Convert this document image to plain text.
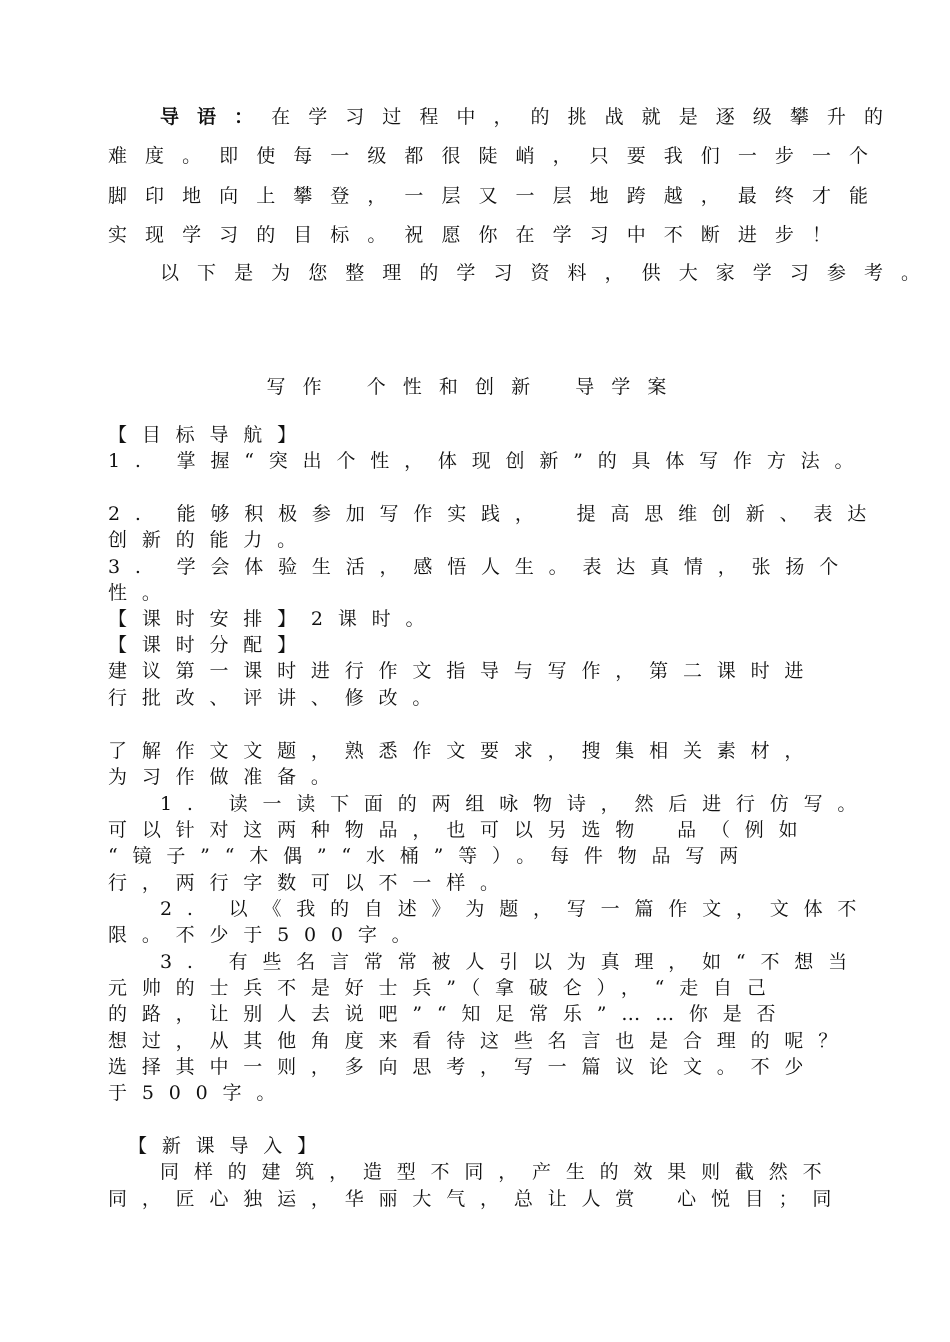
导语：在学习过程中，的挑战就是逐级攀升的
难度。即使每一级都很陡峭，只要我们一步一个
脚印地向上攀登，一层又一层地跨越，最终才能
实现学习的目标。祝愿你在学习中不断进步！
以下是为您整理的学习资料，供大家学习参考。
写作 个性和创新 导学案
【目标导航】
1. 掌握“突出个性，体现创新”的具体写作方法。
2. 能够积极参加写作实践， 提高思维创新、表达
创新的能力。
3. 学会体验生活，感悟人生。表达真情，张扬个
性。
【课时安排】2课时。
【课时分配】
建议第一课时进行作文指导与写作，第二课时进
行批改、评讲、修改。
了解作文文题，熟悉作文要求，搜集相关素材，
为习作做准备。
1. 读一读下面的两组咏物诗，然后进行仿写。
可以针对这两种物品，也可以另选物 品（例如
“镜子”“木偶”“水桶”等）。每件物品写两
行，两行字数可以不一样。
2. 以《我的自述》为题，写一篇作文，文体不
限。不少于500字。
3. 有些名言常常被人引以为真理，如“不想当
元帅的士兵不是好士兵”（拿破仑），“走自己
的路，让别人去说吧”“知足常乐”……你是否
想过，从其他角度来看待这些名言也是合理的呢？
选择其中一则，多向思考，写一篇议论文。不少
于500字。
【新课导入】
同样的建筑，造型不同，产生的效果则截然不
同，匠心独运，华丽大气，总让人赏 心悦目；同
